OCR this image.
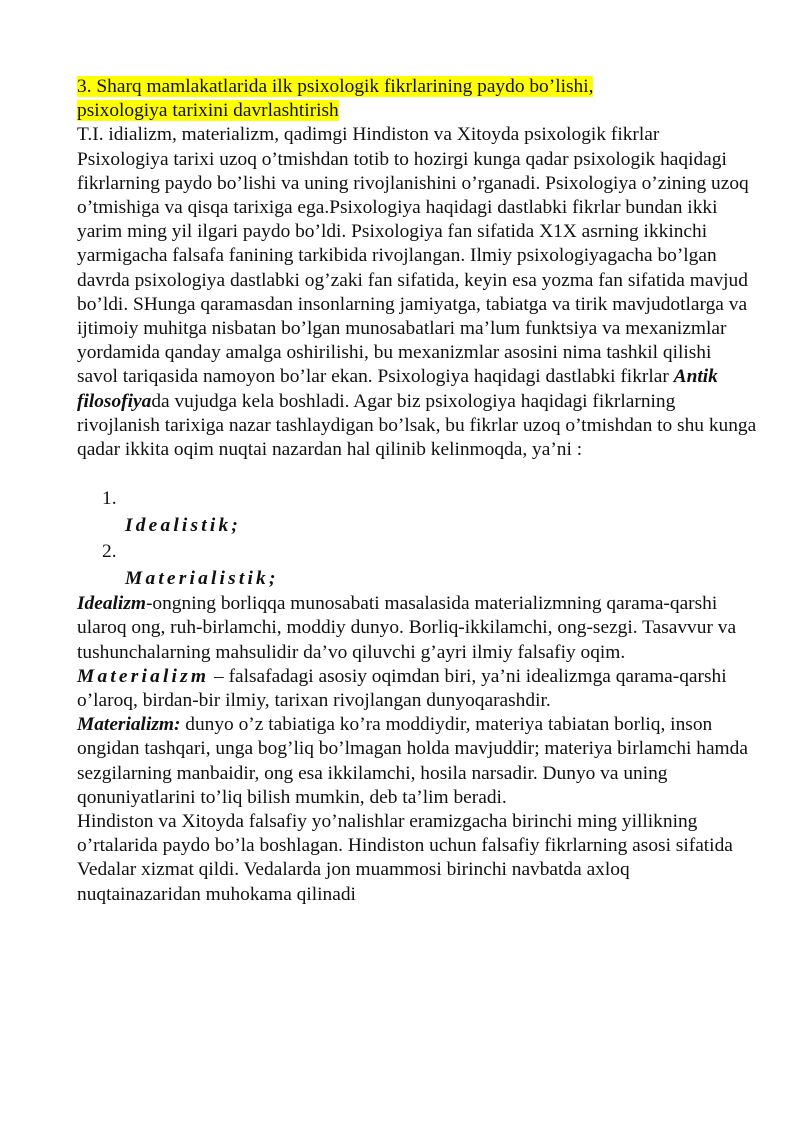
3. Sharq mamlakatlarida ilk psixologik fikrlarining paydo bo’lishi,
psixologiya tarixini davrlashtirish

T.I. idializm, materializm, qadimgi Hindiston va Xitoyda psixologik fikrlar

Psixologiya tarixi uzoq o’tmishdan totib to hozirgi kunga qadar psixologik haqidagi fikrlarning paydo bo’lishi va uning rivojlanishini o’rganadi. Psixologiya o’zining uzoq o’tmishiga va qisqa tarixiga ega.Psixologiya haqidagi dastlabki fikrlar bundan ikki yarim ming yil ilgari paydo bo’ldi. Psixologiya fan sifatida X1X asrning ikkinchi yarmigacha falsafa fanining tarkibida rivojlangan. Ilmiy psixologiyagacha bo’lgan davrda psixologiya dastlabki og’zaki fan sifatida, keyin esa yozma fan sifatida mavjud bo’ldi. SHunga qaramasdan insonlarning jamiyatga, tabiatga va tirik mavjudotlarga va ijtimoiy muhitga nisbatan bo’lgan munosabatlari ma’lum funktsiya va mexanizmlar yordamida qanday amalga oshirilishi, bu mexanizmlar asosini nima tashkil qilishi savol tariqasida namoyon bo’lar ekan. Psixologiya haqidagi dastlabki fikrlar Antik filosofiyada vujudga kela boshladi. Agar biz psixologiya haqidagi fikrlarning rivojlanish tarixiga nazar tashlaydigan bo’lsak, bu fikrlar uzoq o’tmishdan to shu kunga qadar ikkita oqim nuqtai nazardan hal qilinib kelinmoqda, ya’ni :

1.
Idealistik;
2.
Materialistik;

Idealizm-ongning borliqqa munosabati masalasida materializmning qarama-qarshi ularoq ong, ruh-birlamchi, moddiy dunyo. Borliq-ikkilamchi, ong-sezgi. Tasavvur va tushunchalarning mahsulidir da’vo qiluvchi g’ayri ilmiy falsafiy oqim.

Materializm – falsafadagi asosiy oqimdan biri, ya’ni idealizmga qarama-qarshi o’laroq, birdan-bir ilmiy, tarixan rivojlangan dunyoqarashdir.

Materializm: dunyo o’z tabiatiga ko’ra moddiydir, materiya tabiatan borliq, inson ongidan tashqari, unga bog’liq bo’lmagan holda mavjuddir; materiya birlamchi hamda sezgilarning manbaidir, ong esa ikkilamchi, hosila narsadir. Dunyo va uning qonuniyatlarini to’liq bilish mumkin, deb ta’lim beradi.

Hindiston va Xitoyda falsafiy yo’nalishlar eramizgacha birinchi ming yillikning o’rtalarida paydo bo’la boshlagan. Hindiston uchun falsafiy fikrlarning asosi sifatida Vedalar xizmat qildi. Vedalarda jon muammosi birinchi navbatda axloq nuqtainazaridan muhokama qilinadi
